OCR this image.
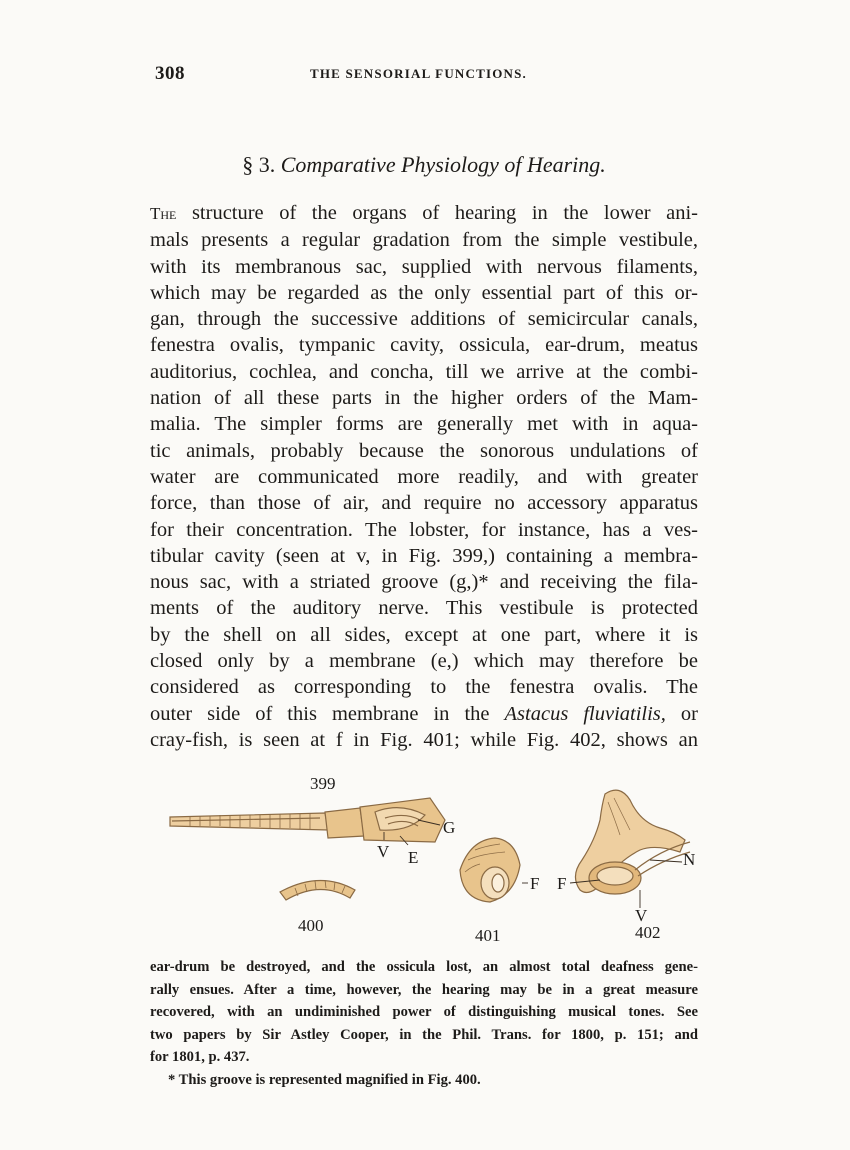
308	THE SENSORIAL FUNCTIONS.
§ 3. Comparative Physiology of Hearing.
The structure of the organs of hearing in the lower ani-
mals presents a regular gradation from the simple vestibule,
with its membranous sac, supplied with nervous filaments,
which may be regarded as the only essential part of this or-
gan, through the successive additions of semicircular canals,
fenestra ovalis, tympanic cavity, ossicula, ear-drum, meatus
auditorius, cochlea, and concha, till we arrive at the combi-
nation of all these parts in the higher orders of the Mam-
malia. The simpler forms are generally met with in aqua-
tic animals, probably because the sonorous undulations of
water are communicated more readily, and with greater
force, than those of air, and require no accessory apparatus
for their concentration. The lobster, for instance, has a ves-
tibular cavity (seen at v, in Fig. 399,) containing a membra-
nous sac, with a striated groove (g,)* and receiving the fila-
ments of the auditory nerve. This vestibule is protected
by the shell on all sides, except at one part, where it is
closed only by a membrane (e,) which may therefore be
considered as corresponding to the fenestra ovalis. The
outer side of this membrane in the Astacus fluviatilis, or
cray-fish, is seen at f in Fig. 401; while Fig. 402, shows an
399
G
V E
400
F
401
F
N
V
402
ear-drum be destroyed, and the ossicula lost, an almost total deafness gene-
rally ensues. After a time, however, the hearing may be in a great measure
recovered, with an undiminished power of distinguishing musical tones. See
two papers by Sir Astley Cooper, in the Phil. Trans. for 1800, p. 151; and
for 1801, p. 437.
* This groove is represented magnified in Fig. 400.
